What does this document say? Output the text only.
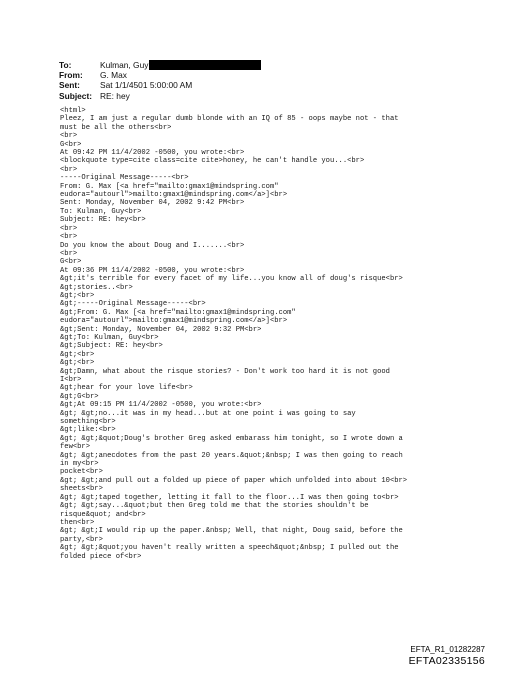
To:	Kulman, Guy
From:	G. Max
Sent:	Sat 1/1/4501 5:00:00 AM
Subject: RE: hey
<html>
Pleez, I am just a regular dumb blonde with an IQ of 85 - oops maybe not - that
must be all the others<br>
<br>
G<br>
At 09:42 PM 11/4/2002 -0500, you wrote:<br>
<blockquote type=cite class=cite cite>honey, he can't handle you...<br>
<br>
-----Original Message-----<br>
From: G. Max [<a href="mailto:gmax1@mindspring.com"
eudora="autourl">mailto:gmax1@mindspring.com</a>]<br>
Sent: Monday, November 04, 2002 9:42 PM<br>
To: Kulman, Guy<br>
Subject: RE: hey<br>
<br>
<br>
Do you know the about Doug and I.......<br>
<br>
G<br>
At 09:36 PM 11/4/2002 -0500, you wrote:<br>
&gt;it's terrible for every facet of my life...you know all of doug's risque<br>
&gt;stories..<br>
&gt;<br>
&gt;-----Original Message-----<br>
&gt;From: G. Max [<a href="mailto:gmax1@mindspring.com"
eudora="autourl">mailto:gmax1@mindspring.com</a>]<br>
&gt;Sent: Monday, November 04, 2002 9:32 PM<br>
&gt;To: Kulman, Guy<br>
&gt;Subject: RE: hey<br>
&gt;<br>
&gt;<br>
&gt;Damn, what about the risque stories? - Don't work too hard it is not good
I<br>
&gt;hear for your love life<br>
&gt;G<br>
&gt;At 09:15 PM 11/4/2002 -0500, you wrote:<br>
&gt; &gt;no...it was in my head...but at one point i was going to say
something<br>
&gt;like:<br>
&gt; &gt;&quot;Doug's brother Greg asked embarass him tonight, so I wrote down a
few<br>
&gt; &gt;anecdotes from the past 20 years.&quot;&nbsp; I was then going to reach
in my<br>
pocket<br>
&gt; &gt;and pull out a folded up piece of paper which unfolded into about 10<br>
sheets<br>
&gt; &gt;taped together, letting it fall to the floor...I was then going to<br>
&gt; &gt;say...&quot;but then Greg told me that the stories shouldn't be
risque&quot; and<br>
then<br>
&gt; &gt;I would rip up the paper.&nbsp; Well, that night, Doug said, before the
party,<br>
&gt; &gt;&quot;you haven't really written a speech&quot;&nbsp; I pulled out the
folded piece of<br>
EFTA_R1_01282287
EFTA02335156
